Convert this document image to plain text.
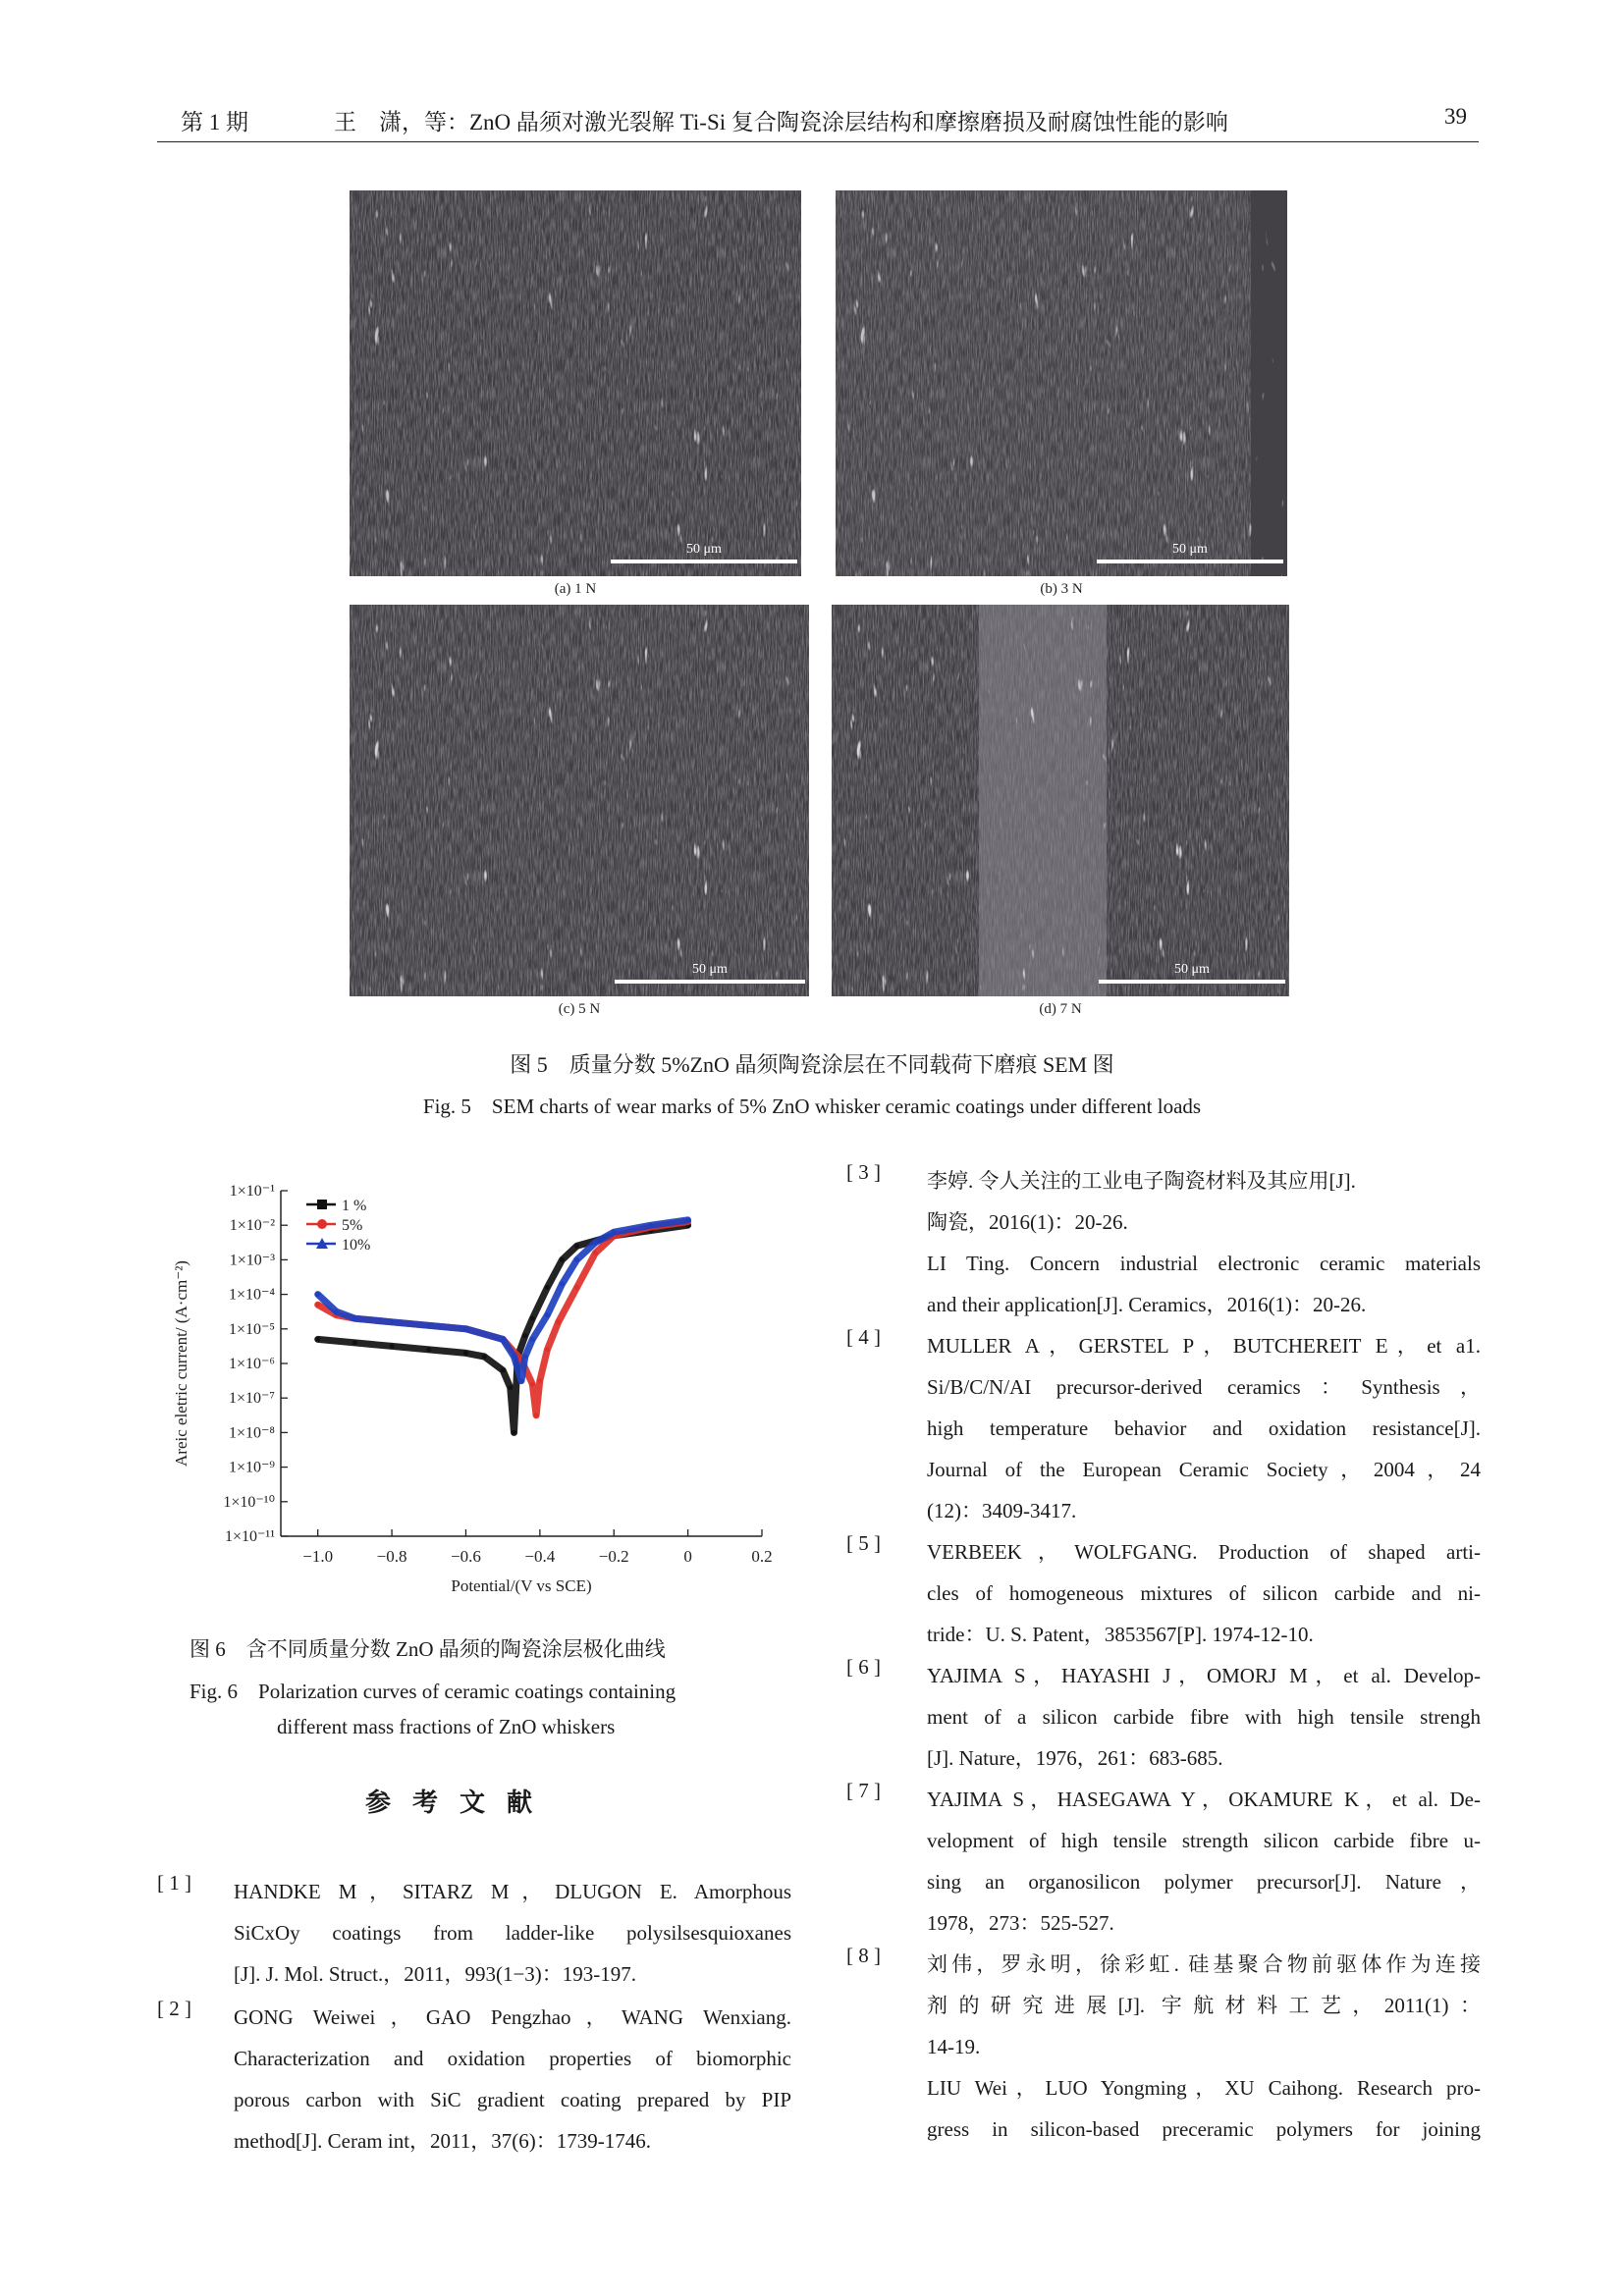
第 1 期	王　潇，等：ZnO 晶须对激光裂解 Ti-Si 复合陶瓷涂层结构和摩擦磨损及耐腐蚀性能的影响	39
50 μm
(a) 1 N
50 μm
(b) 3 N
50 μm
(c) 5 N
50 μm
(d) 7 N
图 5　质量分数 5%ZnO 晶须陶瓷涂层在不同载荷下磨痕 SEM 图
Fig. 5　SEM charts of wear marks of 5% ZnO whisker ceramic coatings under different loads
1×10⁻¹
1×10⁻²
1×10⁻³
1×10⁻⁴
1×10⁻⁵
1×10⁻⁶
1×10⁻⁷
1×10⁻⁸
1×10⁻⁹
1×10⁻¹⁰
1×10⁻¹¹
−1.0	−0.8	−0.6	−0.4	−0.2	0	0.2
Potential/(V vs SCE)
Areic eletric current/ (A·cm⁻²)
1 %
5%
10%
图 6　含不同质量分数 ZnO 晶须的陶瓷涂层极化曲线
Fig. 6　Polarization curves of ceramic coatings containing
different mass fractions of ZnO whiskers
参考文献
[ 1 ] HANDKE M，SITARZ M，DLUGON E. Amorphous
SiCxOy coatings from ladder-like polysilsesquioxanes
[J]. J. Mol. Struct.，2011，993(1−3)：193-197.
[ 2 ] GONG Weiwei，GAO Pengzhao，WANG Wenxiang.
Characterization and oxidation properties of biomorphic
porous carbon with SiC gradient coating prepared by PIP
method[J]. Ceram int，2011，37(6)：1739-1746.
[ 3 ] 李婷. 令人关注的工业电子陶瓷材料及其应用[J].
陶瓷，2016(1)：20-26.
LI Ting. Concern industrial electronic ceramic materials
and their application[J]. Ceramics，2016(1)：20-26.
[ 4 ] MULLER A，GERSTEL P，BUTCHEREIT E，et a1.
Si/B/C/N/AI precursor-derived ceramics：Synthesis，
high temperature behavior and oxidation resistance[J].
Journal of the European Ceramic Society，2004，24
(12)：3409-3417.
[ 5 ] VERBEEK，WOLFGANG. Production of shaped arti-
cles of homogeneous mixtures of silicon carbide and ni-
tride：U. S. Patent，3853567[P]. 1974-12-10.
[ 6 ] YAJIMA S，HAYASHI J，OMORJ M，et al. Develop-
ment of a silicon carbide fibre with high tensile strengh
[J]. Nature，1976，261：683-685.
[ 7 ] YAJIMA S，HASEGAWA Y，OKAMURE K，et al. De-
velopment of high tensile strength silicon carbide fibre u-
sing an organosilicon polymer precursor[J]. Nature，
1978，273：525-527.
[ 8 ] 刘伟，罗永明，徐彩虹. 硅基聚合物前驱体作为连接
剂的研究进展[J]. 宇航材料工艺，2011(1)：
14-19.
LIU Wei，LUO Yongming，XU Caihong. Research pro-
gress in silicon-based preceramic polymers for joining
